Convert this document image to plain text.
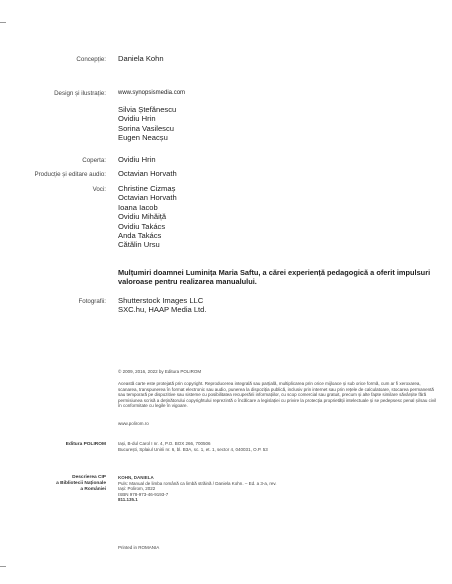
Concepție: Daniela Kohn
Design și ilustrație: www.synopsismedia.com
Silvia Ștefănescu
Ovidiu Hrin
Sorina Vasilescu
Eugen Neacșu
Coperta: Ovidiu Hrin
Producție și editare audio: Octavian Horvath
Voci: Christine Cizmaș
Octavian Horvath
Ioana Iacob
Ovidiu Mihăiță
Ovidiu Takács
Anda Takács
Cătălin Ursu
Mulțumiri doamnei Luminița Maria Saftu, a cărei experiență pedagogică a oferit impulsuri valoroase pentru realizarea manualului.
Fotografii: Shutterstock Images LLC
SXC.hu, HAAP Media Ltd.
© 2009, 2016, 2022 by Editura POLIROM
Această carte este protejată prin copyright. Reproducerea integrală sau parțială, multiplicarea prin orice mijloace și sub orice formă, cum ar fi xeroxarea, scanarea, transpunerea în format electronic sau audio, punerea la dispoziția publică, inclusiv prin internet sau prin rețele de calculatoare, stocarea permanentă sau temporară pe dispozitive sau sisteme cu posibilitatea recuperării informațiilor, cu scop comercial sau gratuit, precum și alte fapte similare săvârșite fără permisiunea scrisă a deținătorului copyrightului reprezintă o încălcare a legislației cu privire la protecția proprietății intelectuale și se pedepsesc penal și/sau civil în conformitate cu legile în vigoare.
www.polirom.ro
Editura POLIROM	Iași, B-dul Carol I nr. 4, P.O. BOX 266, 700506
București, Splaiul Unirii nr. 6, bl. B3A, sc. 1, et. 1, sector 4, 040031, O.P. 53
Descrierea CIP
a Bibliotecii Naționale
a României
KOHN, DANIELA
Puls: Manual de limba română ca limbă străină / Daniela Kohn. – Ed. a 3-a, rev.
Iași: Polirom, 2022
ISBN 978-973-46-9193-7
811.135.1
Printed in ROMANIA
